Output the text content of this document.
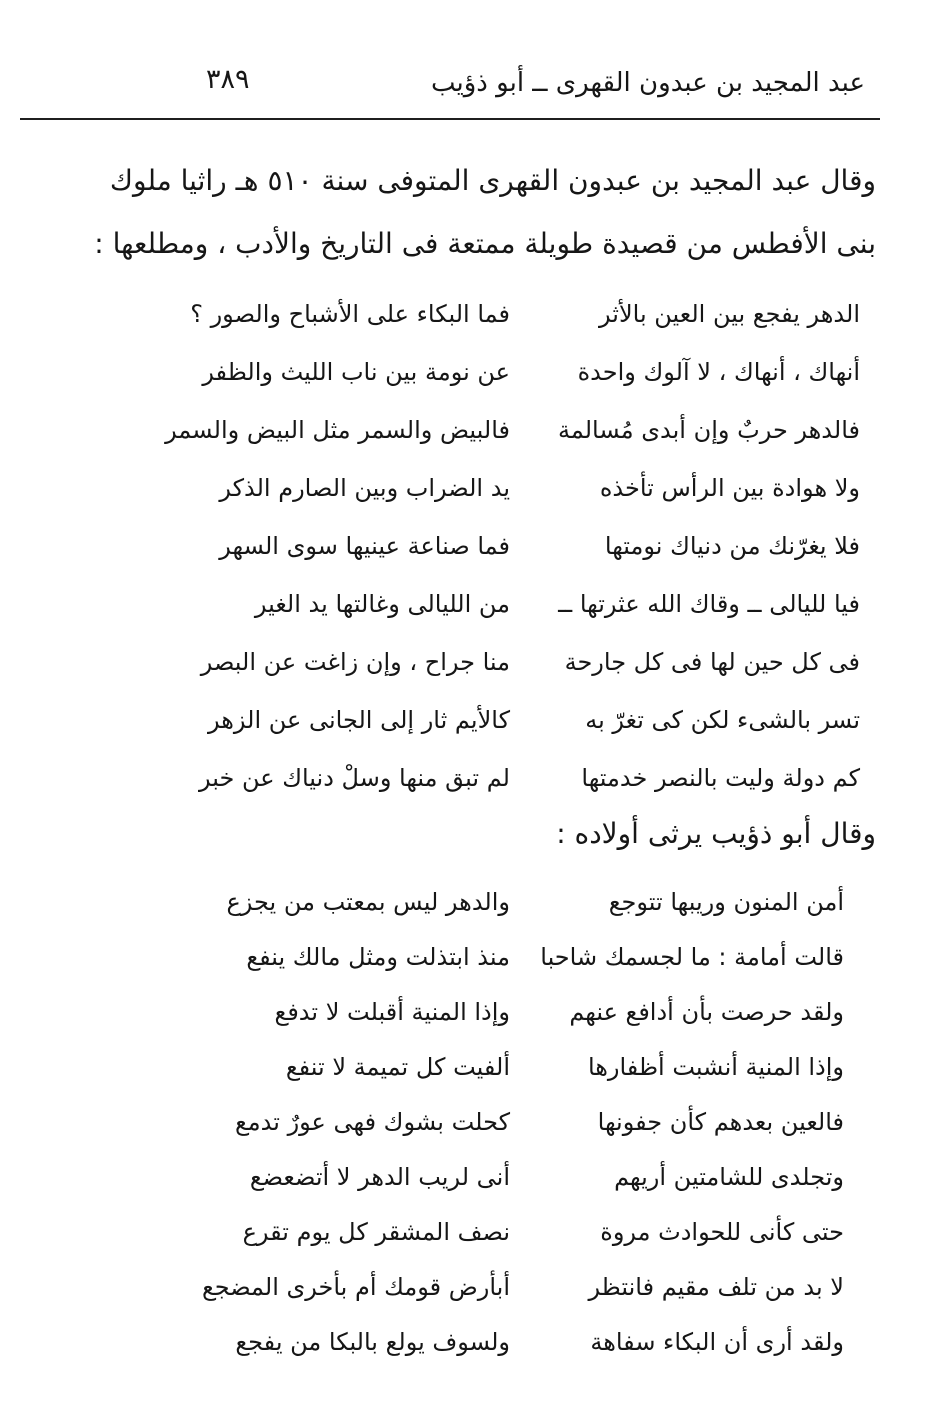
٣٨٩	عبد المجيد بن عبدون القهرى ــ أبو ذؤيب
وقال عبد المجيد بن عبدون القهرى المتوفى سنة ٥١٠ هـ راثيا ملوك
بنى الأفطس من قصيدة طويلة ممتعة فى التاريخ والأدب ، ومطلعها :
الدهر يفجع بين العين بالأثر
فما البكاء على الأشباح والصور ؟
أنهاك ، أنهاك ، لا آلوك واحدة
عن نومة بين ناب الليث والظفر
فالدهر حربٌ وإن أبدى مُسالمة
فالبيض والسمر مثل البيض والسمر
ولا هوادة بين الرأس تأخذه
يد الضراب وبين الصارم الذكر
فلا يغرّنك من دنياك نومتها
فما صناعة عينيها سوى السهر
فيا لليالى ــ وقاك الله عثرتها ــ
من الليالى وغالتها يد الغير
فى كل حين لها فى كل جارحة
منا جراح ، وإن زاغت عن البصر
تسر بالشىء لكن كى تغرّ به
كالأيم ثار إلى الجانى عن الزهر
كم دولة وليت بالنصر خدمتها
لم تبق منها وسلْ دنياك عن خبر
وقال أبو ذؤيب يرثى أولاده :
أمن المنون وريبها تتوجع
والدهر ليس بمعتب من يجزع
قالت أمامة : ما لجسمك شاحبا
منذ ابتذلت ومثل مالك ينفع
ولقد حرصت بأن أدافع عنهم
وإذا المنية أقبلت لا تدفع
وإذا المنية أنشبت أظفارها
ألفيت كل تميمة لا تنفع
فالعين بعدهم كأن جفونها
كحلت بشوك فهى عورٌ تدمع
وتجلدى للشامتين أريهم
أنى لريب الدهر لا أتضعضع
حتى كأنى للحوادث مروة
نصف المشقر كل يوم تقرع
لا بد من تلف مقيم فانتظر
أبأرض قومك أم بأخرى المضجع
ولقد أرى أن البكاء سفاهة
ولسوف يولع بالبكا من يفجع
